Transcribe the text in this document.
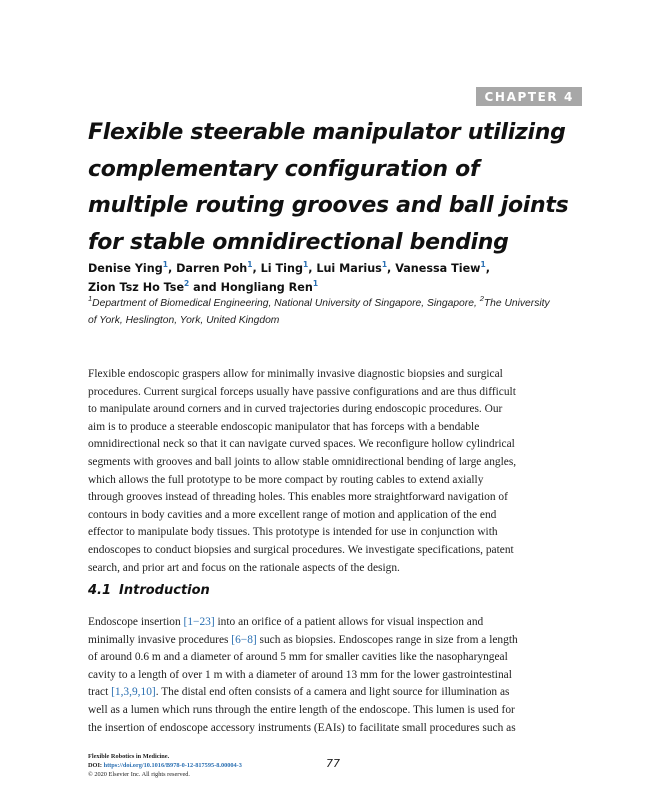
CHAPTER 4
Flexible steerable manipulator utilizing
complementary configuration of
multiple routing grooves and ball joints
for stable omnidirectional bending
Denise Ying$^1$, Darren Poh$^1$, Li Ting$^1$, Lui Marius$^1$, Vanessa Tiew$^1$,
Zion Tsz Ho Tse$^2$ and Hongliang Ren$^1$
$^1$Department of Biomedical Engineering, National University of Singapore, Singapore, $^2$The University
of York, Heslington, York, United Kingdom
Flexible endoscopic graspers allow for minimally invasive diagnostic biopsies and surgical
procedures. Current surgical forceps usually have passive configurations and are thus difficult
to manipulate around corners and in curved trajectories during endoscopic procedures. Our
aim is to produce a steerable endoscopic manipulator that has forceps with a bendable
omnidirectional neck so that it can navigate curved spaces. We reconfigure hollow cylindrical
segments with grooves and ball joints to allow stable omnidirectional bending of large angles,
which allows the full prototype to be more compact by routing cables to extend axially
through grooves instead of threading holes. This enables more straightforward navigation of
contours in body cavities and a more excellent range of motion and application of the end
effector to manipulate body tissues. This prototype is intended for use in conjunction with
endoscopes to conduct biopsies and surgical procedures. We investigate specifications, patent
search, and prior art and focus on the rationale aspects of the design.
4.1 Introduction
Endoscope insertion [1−23] into an orifice of a patient allows for visual inspection and
minimally invasive procedures [6−8] such as biopsies. Endoscopes range in size from a length
of around 0.6 m and a diameter of around 5 mm for smaller cavities like the nasopharyngeal
cavity to a length of over 1 m with a diameter of around 13 mm for the lower gastrointestinal
tract [1,3,9,10]. The distal end often consists of a camera and light source for illumination as
well as a lumen which runs through the entire length of the endoscope. This lumen is used for
the insertion of endoscope accessory instruments (EAIs) to facilitate small procedures such as
Flexible Robotics in Medicine.
DOI: https://doi.org/10.1016/B978-0-12-817595-8.00004-3
© 2020 Elsevier Inc. All rights reserved.
77
